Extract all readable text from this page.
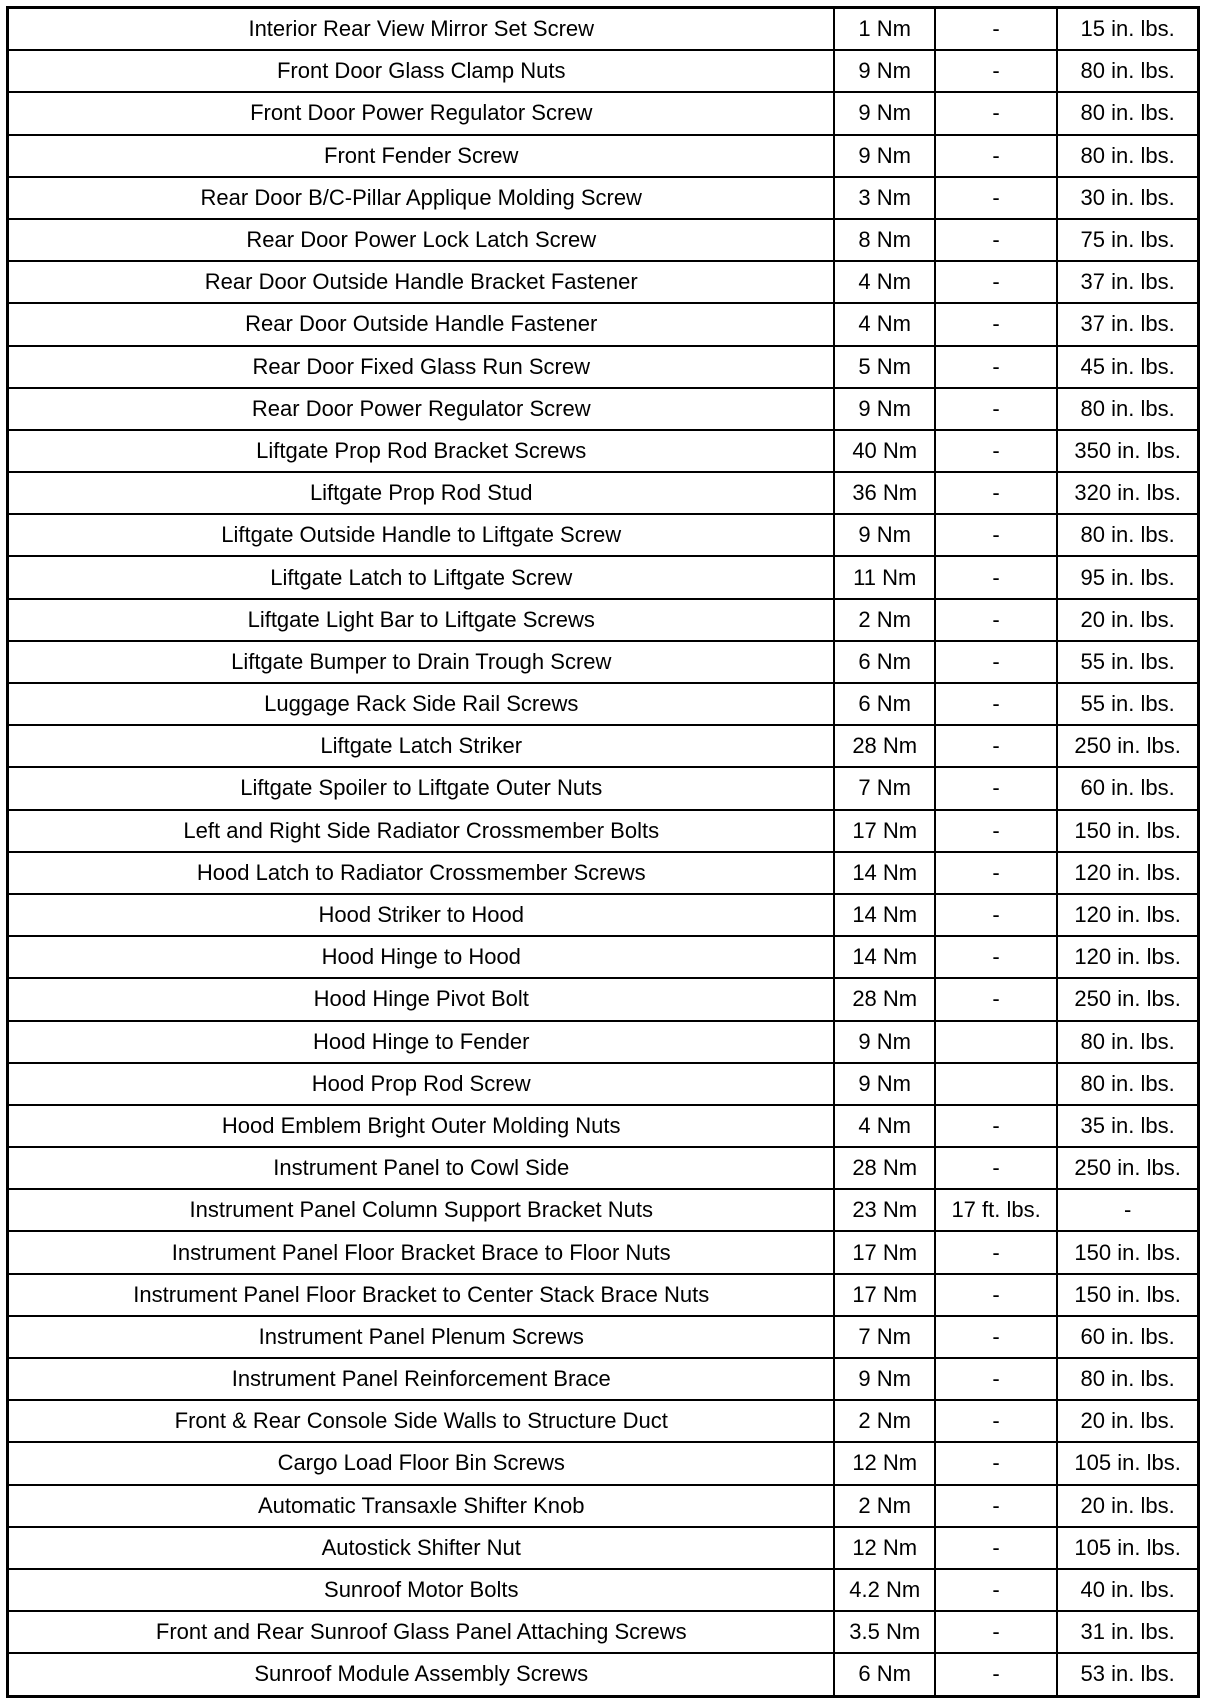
Interior Rear View Mirror Set Screw	1 Nm	-	15 in. lbs.
Front Door Glass Clamp Nuts	9 Nm	-	80 in. lbs.
Front Door Power Regulator Screw	9 Nm	-	80 in. lbs.
Front Fender Screw	9 Nm	-	80 in. lbs.
Rear Door B/C-Pillar Applique Molding Screw	3 Nm	-	30 in. lbs.
Rear Door Power Lock Latch Screw	8 Nm	-	75 in. lbs.
Rear Door Outside Handle Bracket Fastener	4 Nm	-	37 in. lbs.
Rear Door Outside Handle Fastener	4 Nm	-	37 in. lbs.
Rear Door Fixed Glass Run Screw	5 Nm	-	45 in. lbs.
Rear Door Power Regulator Screw	9 Nm	-	80 in. lbs.
Liftgate Prop Rod Bracket Screws	40 Nm	-	350 in. lbs.
Liftgate Prop Rod Stud	36 Nm	-	320 in. lbs.
Liftgate Outside Handle to Liftgate Screw	9 Nm	-	80 in. lbs.
Liftgate Latch to Liftgate Screw	11 Nm	-	95 in. lbs.
Liftgate Light Bar to Liftgate Screws	2 Nm	-	20 in. lbs.
Liftgate Bumper to Drain Trough Screw	6 Nm	-	55 in. lbs.
Luggage Rack Side Rail Screws	6 Nm	-	55 in. lbs.
Liftgate Latch Striker	28 Nm	-	250 in. lbs.
Liftgate Spoiler to Liftgate Outer Nuts	7 Nm	-	60 in. lbs.
Left and Right Side Radiator Crossmember Bolts	17 Nm	-	150 in. lbs.
Hood Latch to Radiator Crossmember Screws	14 Nm	-	120 in. lbs.
Hood Striker to Hood	14 Nm	-	120 in. lbs.
Hood Hinge to Hood	14 Nm	-	120 in. lbs.
Hood Hinge Pivot Bolt	28 Nm	-	250 in. lbs.
Hood Hinge to Fender	9 Nm		80 in. lbs.
Hood Prop Rod Screw	9 Nm		80 in. lbs.
Hood Emblem Bright Outer Molding Nuts	4 Nm	-	35 in. lbs.
Instrument Panel to Cowl Side	28 Nm	-	250 in. lbs.
Instrument Panel Column Support Bracket Nuts	23 Nm	17 ft. lbs.	-
Instrument Panel Floor Bracket Brace to Floor Nuts	17 Nm	-	150 in. lbs.
Instrument Panel Floor Bracket to Center Stack Brace Nuts	17 Nm	-	150 in. lbs.
Instrument Panel Plenum Screws	7 Nm	-	60 in. lbs.
Instrument Panel Reinforcement Brace	9 Nm	-	80 in. lbs.
Front & Rear Console Side Walls to Structure Duct	2 Nm	-	20 in. lbs.
Cargo Load Floor Bin Screws	12 Nm	-	105 in. lbs.
Automatic Transaxle Shifter Knob	2 Nm	-	20 in. lbs.
Autostick Shifter Nut	12 Nm	-	105 in. lbs.
Sunroof Motor Bolts	4.2 Nm	-	40 in. lbs.
Front and Rear Sunroof Glass Panel Attaching Screws	3.5 Nm	-	31 in. lbs.
Sunroof Module Assembly Screws	6 Nm	-	53 in. lbs.
